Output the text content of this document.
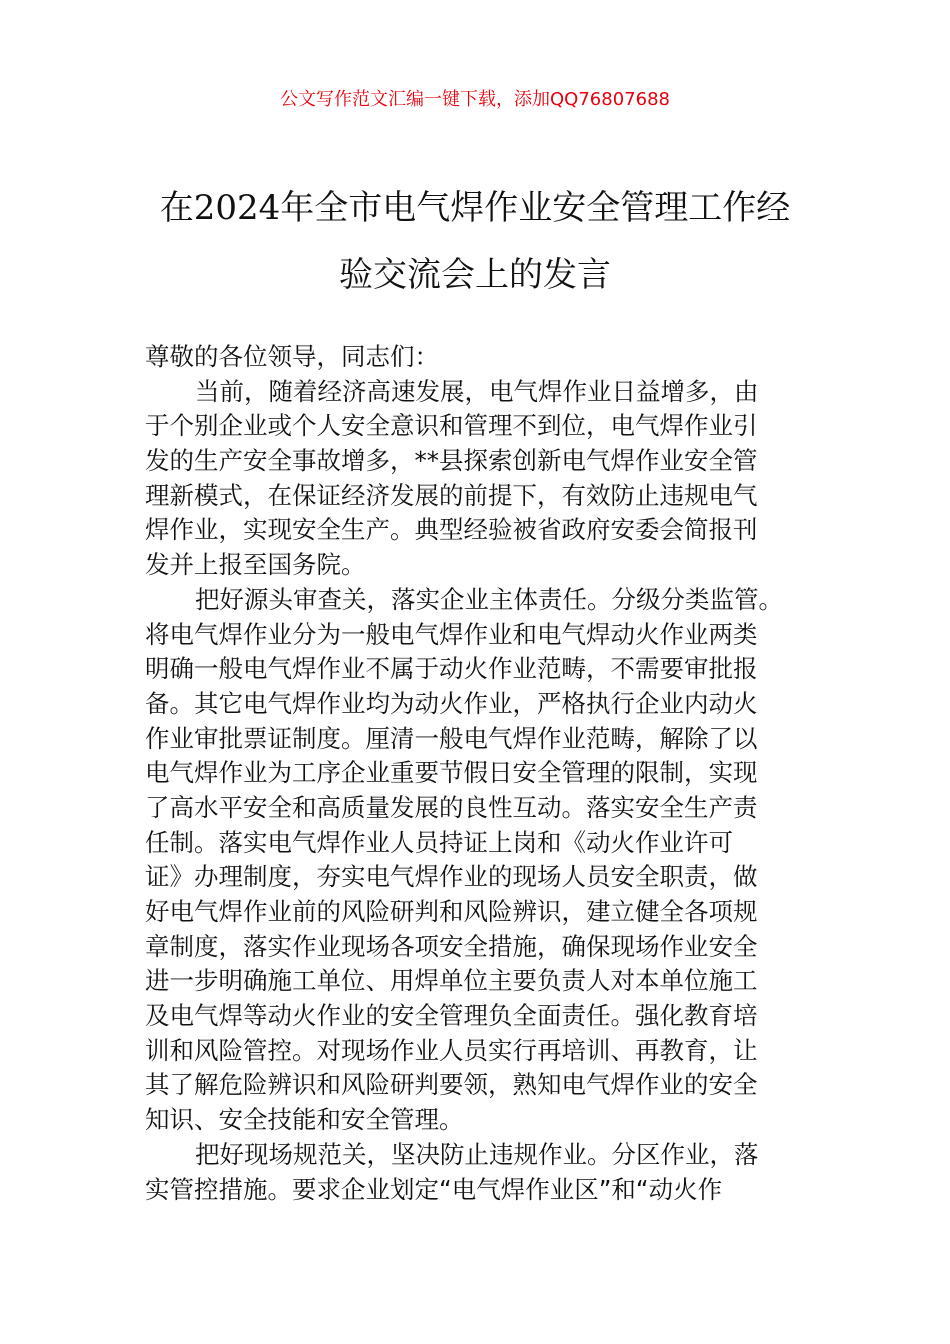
公文写作范文汇编一键下载，添加QQ76807688
在2024年全市电气焊作业安全管理工作经
验交流会上的发言
尊敬的各位领导，同志们：
当前，随着经济高速发展，电气焊作业日益增多，由
于个别企业或个人安全意识和管理不到位，电气焊作业引
发的生产安全事故增多，**县探索创新电气焊作业安全管
理新模式，在保证经济发展的前提下，有效防止违规电气
焊作业，实现安全生产。典型经验被省政府安委会简报刊
发并上报至国务院。
把好源头审查关，落实企业主体责任。分级分类监管。
将电气焊作业分为一般电气焊作业和电气焊动火作业两类
明确一般电气焊作业不属于动火作业范畴，不需要审批报
备。其它电气焊作业均为动火作业，严格执行企业内动火
作业审批票证制度。厘清一般电气焊作业范畴，解除了以
电气焊作业为工序企业重要节假日安全管理的限制，实现
了高水平安全和高质量发展的良性互动。落实安全生产责
任制。落实电气焊作业人员持证上岗和《动火作业许可
证》办理制度，夯实电气焊作业的现场人员安全职责，做
好电气焊作业前的风险研判和风险辨识，建立健全各项规
章制度，落实作业现场各项安全措施，确保现场作业安全
进一步明确施工单位、用焊单位主要负责人对本单位施工
及电气焊等动火作业的安全管理负全面责任。强化教育培
训和风险管控。对现场作业人员实行再培训、再教育，让
其了解危险辨识和风险研判要领，熟知电气焊作业的安全
知识、安全技能和安全管理。
把好现场规范关，坚决防止违规作业。分区作业，落
实管控措施。要求企业划定“电气焊作业区”和“动火作
